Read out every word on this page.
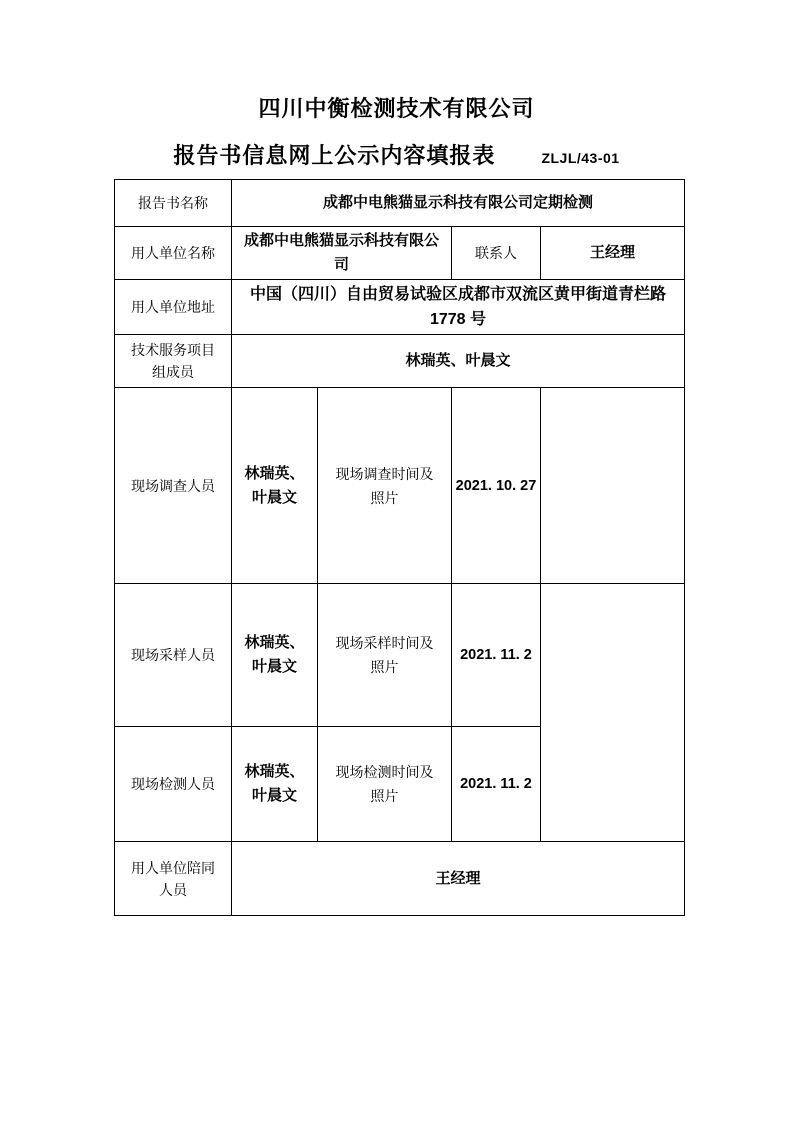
四川中衡检测技术有限公司
报告书信息网上公示内容填报表	ZLJL/43-01
报告书名称	成都中电熊猫显示科技有限公司定期检测			
用人单位名称	成都中电熊猫显示科技有限公司		联系人	王经理
用人单位地址	中国（四川）自由贸易试验区成都市双流区黄甲街道青栏路 1778 号			
技术服务项目组成员	林瑞英、叶晨文			
现场调查人员	林瑞英、叶晨文	现场调查时间及照片	2021. 10. 27	
现场采样人员	林瑞英、叶晨文	现场采样时间及照片	2021. 11. 2	
现场检测人员	林瑞英、叶晨文	现场检测时间及照片	2021. 11. 2	
用人单位陪同人员	王经理			
